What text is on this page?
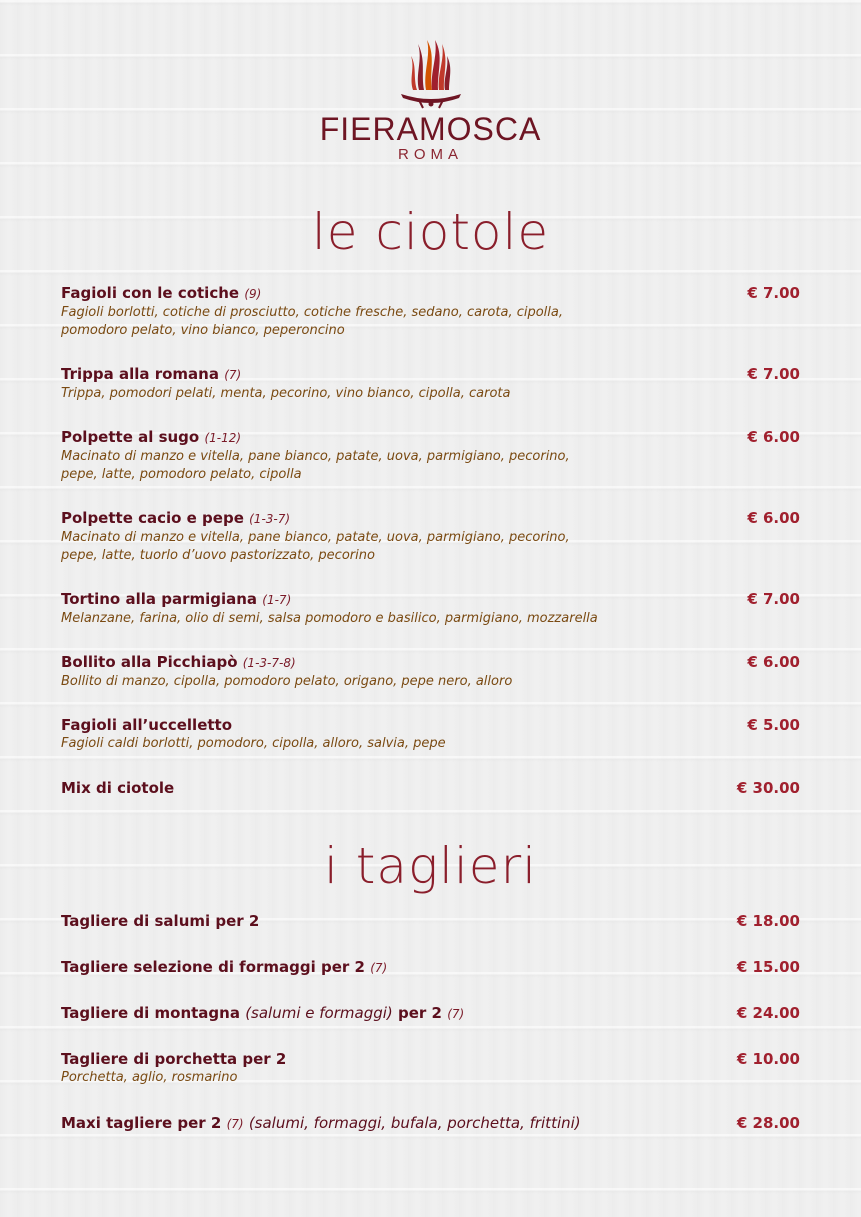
FIERAMOSCA
ROMA
le ciotole
Fagioli con le cotiche (9)	€ 7.00
Fagioli borlotti, cotiche di prosciutto, cotiche fresche, sedano, carota, cipolla, pomodoro pelato, vino bianco, peperoncino
Trippa alla romana (7)	€ 7.00
Trippa, pomodori pelati, menta, pecorino, vino bianco, cipolla, carota
Polpette al sugo (1-12)	€ 6.00
Macinato di manzo e vitella, pane bianco, patate, uova, parmigiano, pecorino, pepe, latte, pomodoro pelato, cipolla
Polpette cacio e pepe (1-3-7)	€ 6.00
Macinato di manzo e vitella, pane bianco, patate, uova, parmigiano, pecorino, pepe, latte, tuorlo d’uovo pastorizzato, pecorino
Tortino alla parmigiana (1-7)	€ 7.00
Melanzane, farina, olio di semi, salsa pomodoro e basilico, parmigiano, mozzarella
Bollito alla Picchiapò (1-3-7-8)	€ 6.00
Bollito di manzo, cipolla, pomodoro pelato, origano, pepe nero, alloro
Fagioli all’uccelletto	€ 5.00
Fagioli caldi borlotti, pomodoro, cipolla, alloro, salvia, pepe
Mix di ciotole	€ 30.00
i taglieri
Tagliere di salumi per 2	€ 18.00
Tagliere selezione di formaggi per 2 (7)	€ 15.00
Tagliere di montagna (salumi e formaggi) per 2 (7)	€ 24.00
Tagliere di porchetta per 2	€ 10.00
Porchetta, aglio, rosmarino
Maxi tagliere per 2 (7) (salumi, formaggi, bufala, porchetta, frittini)	€ 28.00
